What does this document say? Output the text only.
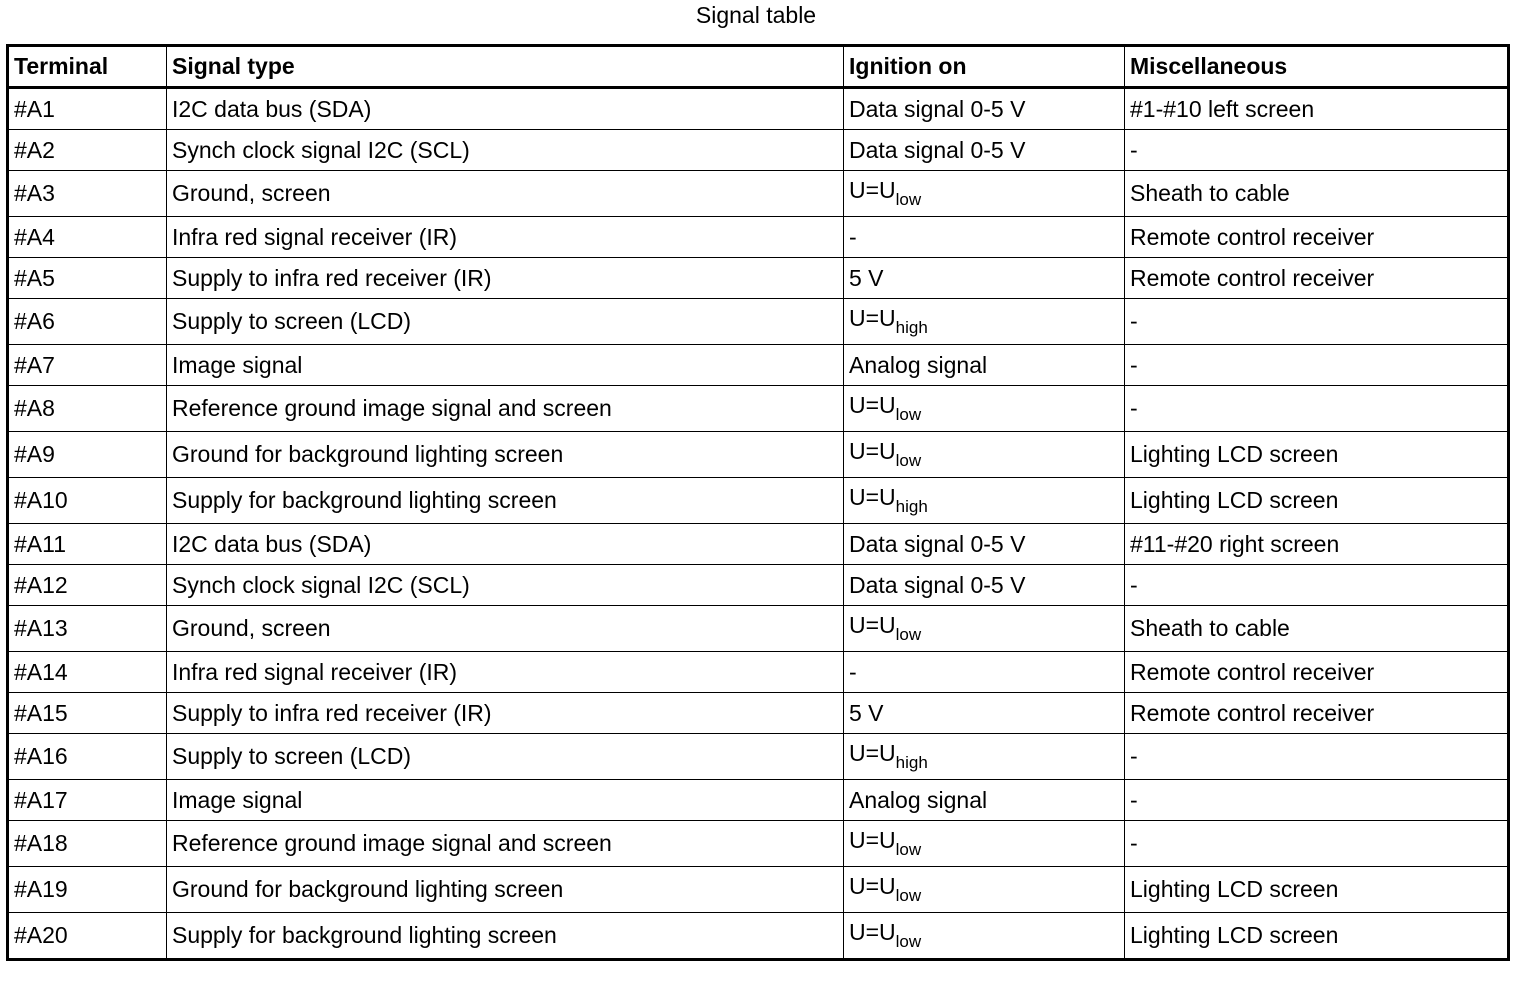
Signal table
Terminal	Signal type	Ignition on	Miscellaneous
#A1	I2C data bus (SDA)	Data signal 0-5 V	#1-#10 left screen
#A2	Synch clock signal I2C (SCL)	Data signal 0-5 V	-
#A3	Ground, screen	$U=U_{low}$	Sheath to cable
#A4	Infra red signal receiver (IR)	-	Remote control receiver
#A5	Supply to infra red receiver (IR)	5 V	Remote control receiver
#A6	Supply to screen (LCD)	$U=U_{high}$	-
#A7	Image signal	Analog signal	-
#A8	Reference ground image signal and screen	$U=U_{low}$	-
#A9	Ground for background lighting screen	$U=U_{low}$	Lighting LCD screen
#A10	Supply for background lighting screen	$U=U_{high}$	Lighting LCD screen
#A11	I2C data bus (SDA)	Data signal 0-5 V	#11-#20 right screen
#A12	Synch clock signal I2C (SCL)	Data signal 0-5 V	-
#A13	Ground, screen	$U=U_{low}$	Sheath to cable
#A14	Infra red signal receiver (IR)	-	Remote control receiver
#A15	Supply to infra red receiver (IR)	5 V	Remote control receiver
#A16	Supply to screen (LCD)	$U=U_{high}$	-
#A17	Image signal	Analog signal	-
#A18	Reference ground image signal and screen	$U=U_{low}$	-
#A19	Ground for background lighting screen	$U=U_{low}$	Lighting LCD screen
#A20	Supply for background lighting screen	$U=U_{low}$	Lighting LCD screen
